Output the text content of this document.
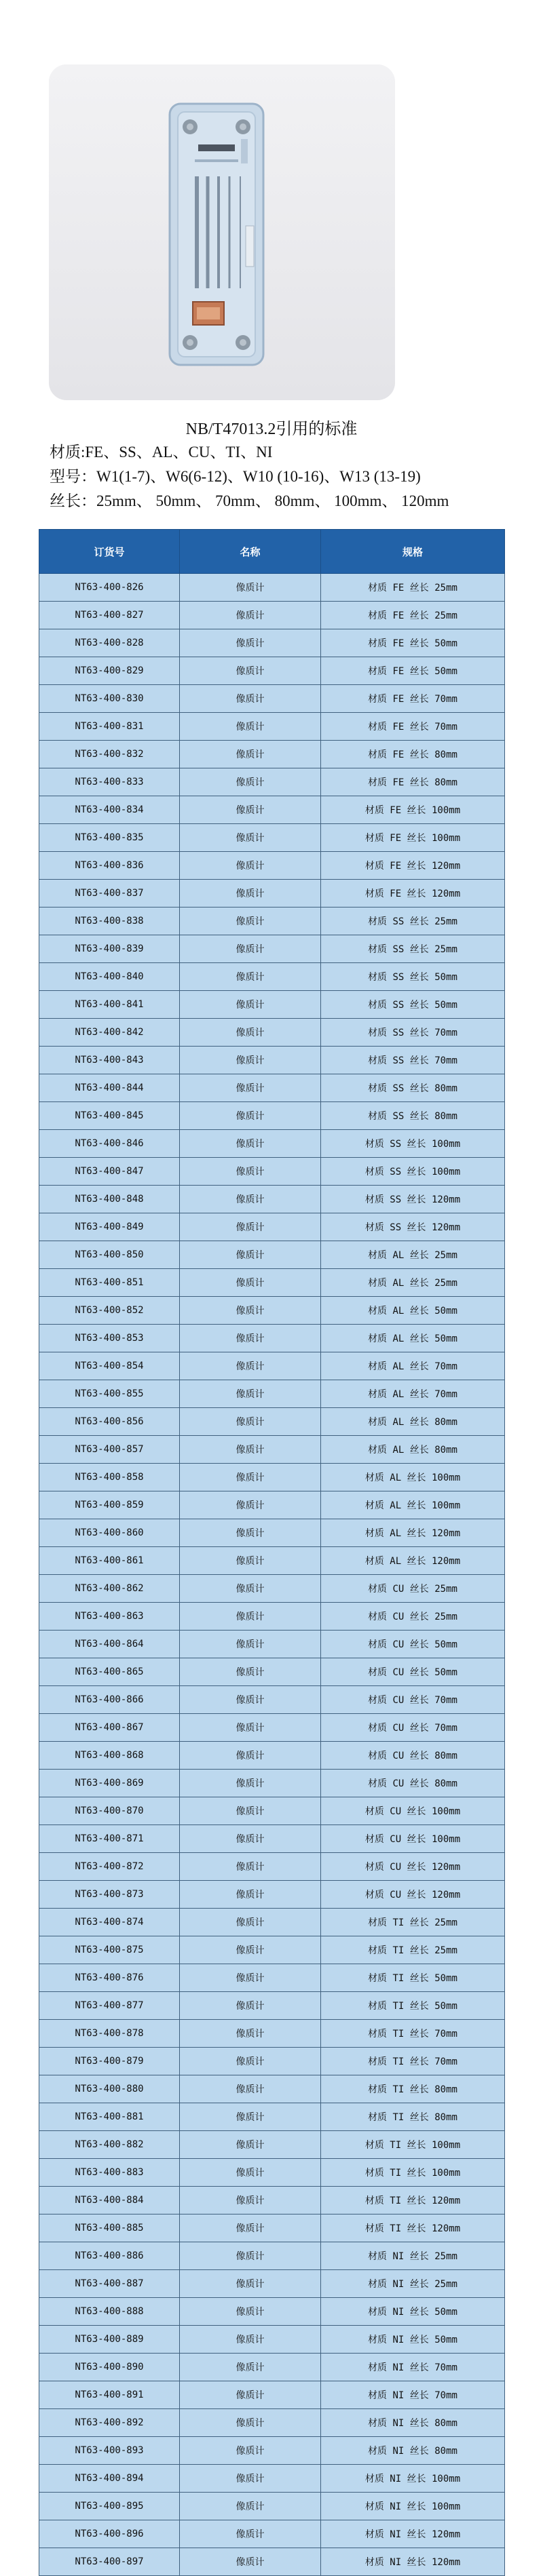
NB/T47013.2引用的标准
材质:FE、SS、AL、CU、TI、NI
型号：W1(1-7)、W6(6-12)、W10 (10-16)、W13 (13-19)
丝长：25mm、 50mm、 70mm、 80mm、 100mm、 120mm
订货号	名称	规格
NT63-400-826	像质计	材质 FE 丝长 25mm
NT63-400-827	像质计	材质 FE 丝长 25mm
NT63-400-828	像质计	材质 FE 丝长 50mm
NT63-400-829	像质计	材质 FE 丝长 50mm
NT63-400-830	像质计	材质 FE 丝长 70mm
NT63-400-831	像质计	材质 FE 丝长 70mm
NT63-400-832	像质计	材质 FE 丝长 80mm
NT63-400-833	像质计	材质 FE 丝长 80mm
NT63-400-834	像质计	材质 FE 丝长 100mm
NT63-400-835	像质计	材质 FE 丝长 100mm
NT63-400-836	像质计	材质 FE 丝长 120mm
NT63-400-837	像质计	材质 FE 丝长 120mm
NT63-400-838	像质计	材质 SS 丝长 25mm
NT63-400-839	像质计	材质 SS 丝长 25mm
NT63-400-840	像质计	材质 SS 丝长 50mm
NT63-400-841	像质计	材质 SS 丝长 50mm
NT63-400-842	像质计	材质 SS 丝长 70mm
NT63-400-843	像质计	材质 SS 丝长 70mm
NT63-400-844	像质计	材质 SS 丝长 80mm
NT63-400-845	像质计	材质 SS 丝长 80mm
NT63-400-846	像质计	材质 SS 丝长 100mm
NT63-400-847	像质计	材质 SS 丝长 100mm
NT63-400-848	像质计	材质 SS 丝长 120mm
NT63-400-849	像质计	材质 SS 丝长 120mm
NT63-400-850	像质计	材质 AL 丝长 25mm
NT63-400-851	像质计	材质 AL 丝长 25mm
NT63-400-852	像质计	材质 AL 丝长 50mm
NT63-400-853	像质计	材质 AL 丝长 50mm
NT63-400-854	像质计	材质 AL 丝长 70mm
NT63-400-855	像质计	材质 AL 丝长 70mm
NT63-400-856	像质计	材质 AL 丝长 80mm
NT63-400-857	像质计	材质 AL 丝长 80mm
NT63-400-858	像质计	材质 AL 丝长 100mm
NT63-400-859	像质计	材质 AL 丝长 100mm
NT63-400-860	像质计	材质 AL 丝长 120mm
NT63-400-861	像质计	材质 AL 丝长 120mm
NT63-400-862	像质计	材质 CU 丝长 25mm
NT63-400-863	像质计	材质 CU 丝长 25mm
NT63-400-864	像质计	材质 CU 丝长 50mm
NT63-400-865	像质计	材质 CU 丝长 50mm
NT63-400-866	像质计	材质 CU 丝长 70mm
NT63-400-867	像质计	材质 CU 丝长 70mm
NT63-400-868	像质计	材质 CU 丝长 80mm
NT63-400-869	像质计	材质 CU 丝长 80mm
NT63-400-870	像质计	材质 CU 丝长 100mm
NT63-400-871	像质计	材质 CU 丝长 100mm
NT63-400-872	像质计	材质 CU 丝长 120mm
NT63-400-873	像质计	材质 CU 丝长 120mm
NT63-400-874	像质计	材质 TI 丝长 25mm
NT63-400-875	像质计	材质 TI 丝长 25mm
NT63-400-876	像质计	材质 TI 丝长 50mm
NT63-400-877	像质计	材质 TI 丝长 50mm
NT63-400-878	像质计	材质 TI 丝长 70mm
NT63-400-879	像质计	材质 TI 丝长 70mm
NT63-400-880	像质计	材质 TI 丝长 80mm
NT63-400-881	像质计	材质 TI 丝长 80mm
NT63-400-882	像质计	材质 TI 丝长 100mm
NT63-400-883	像质计	材质 TI 丝长 100mm
NT63-400-884	像质计	材质 TI 丝长 120mm
NT63-400-885	像质计	材质 TI 丝长 120mm
NT63-400-886	像质计	材质 NI 丝长 25mm
NT63-400-887	像质计	材质 NI 丝长 25mm
NT63-400-888	像质计	材质 NI 丝长 50mm
NT63-400-889	像质计	材质 NI 丝长 50mm
NT63-400-890	像质计	材质 NI 丝长 70mm
NT63-400-891	像质计	材质 NI 丝长 70mm
NT63-400-892	像质计	材质 NI 丝长 80mm
NT63-400-893	像质计	材质 NI 丝长 80mm
NT63-400-894	像质计	材质 NI 丝长 100mm
NT63-400-895	像质计	材质 NI 丝长 100mm
NT63-400-896	像质计	材质 NI 丝长 120mm
NT63-400-897	像质计	材质 NI 丝长 120mm
